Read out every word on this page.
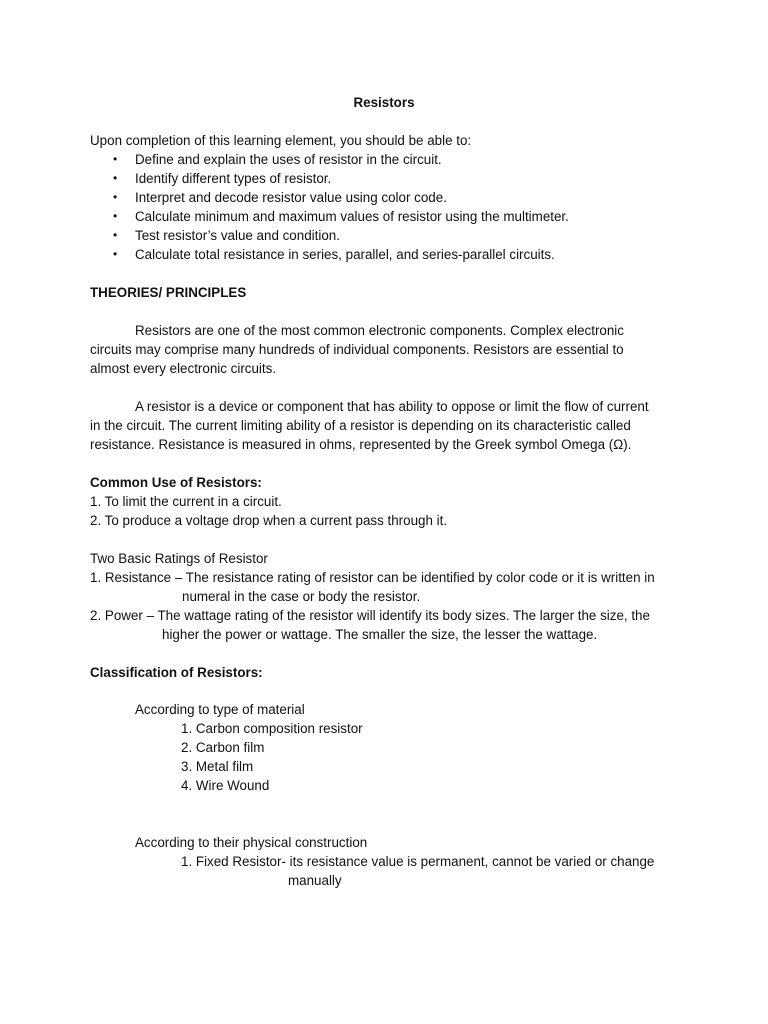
Resistors
Upon completion of this learning element, you should be able to:
• Define and explain the uses of resistor in the circuit.
• Identify different types of resistor.
• Interpret and decode resistor value using color code.
• Calculate minimum and maximum values of resistor using the multimeter.
• Test resistor’s value and condition.
• Calculate total resistance in series, parallel, and series-parallel circuits.
THEORIES/ PRINCIPLES
Resistors are one of the most common electronic components. Complex electronic
circuits may comprise many hundreds of individual components. Resistors are essential to
almost every electronic circuits.
A resistor is a device or component that has ability to oppose or limit the flow of current
in the circuit. The current limiting ability of a resistor is depending on its characteristic called
resistance. Resistance is measured in ohms, represented by the Greek symbol Omega (Ω).
Common Use of Resistors:
1. To limit the current in a circuit.
2. To produce a voltage drop when a current pass through it.
Two Basic Ratings of Resistor
1. Resistance – The resistance rating of resistor can be identified by color code or it is written in
numeral in the case or body the resistor.
2. Power – The wattage rating of the resistor will identify its body sizes. The larger the size, the
higher the power or wattage. The smaller the size, the lesser the wattage.
Classification of Resistors:
According to type of material
1. Carbon composition resistor
2. Carbon film
3. Metal film
4. Wire Wound
According to their physical construction
1. Fixed Resistor- its resistance value is permanent, cannot be varied or change
manually
